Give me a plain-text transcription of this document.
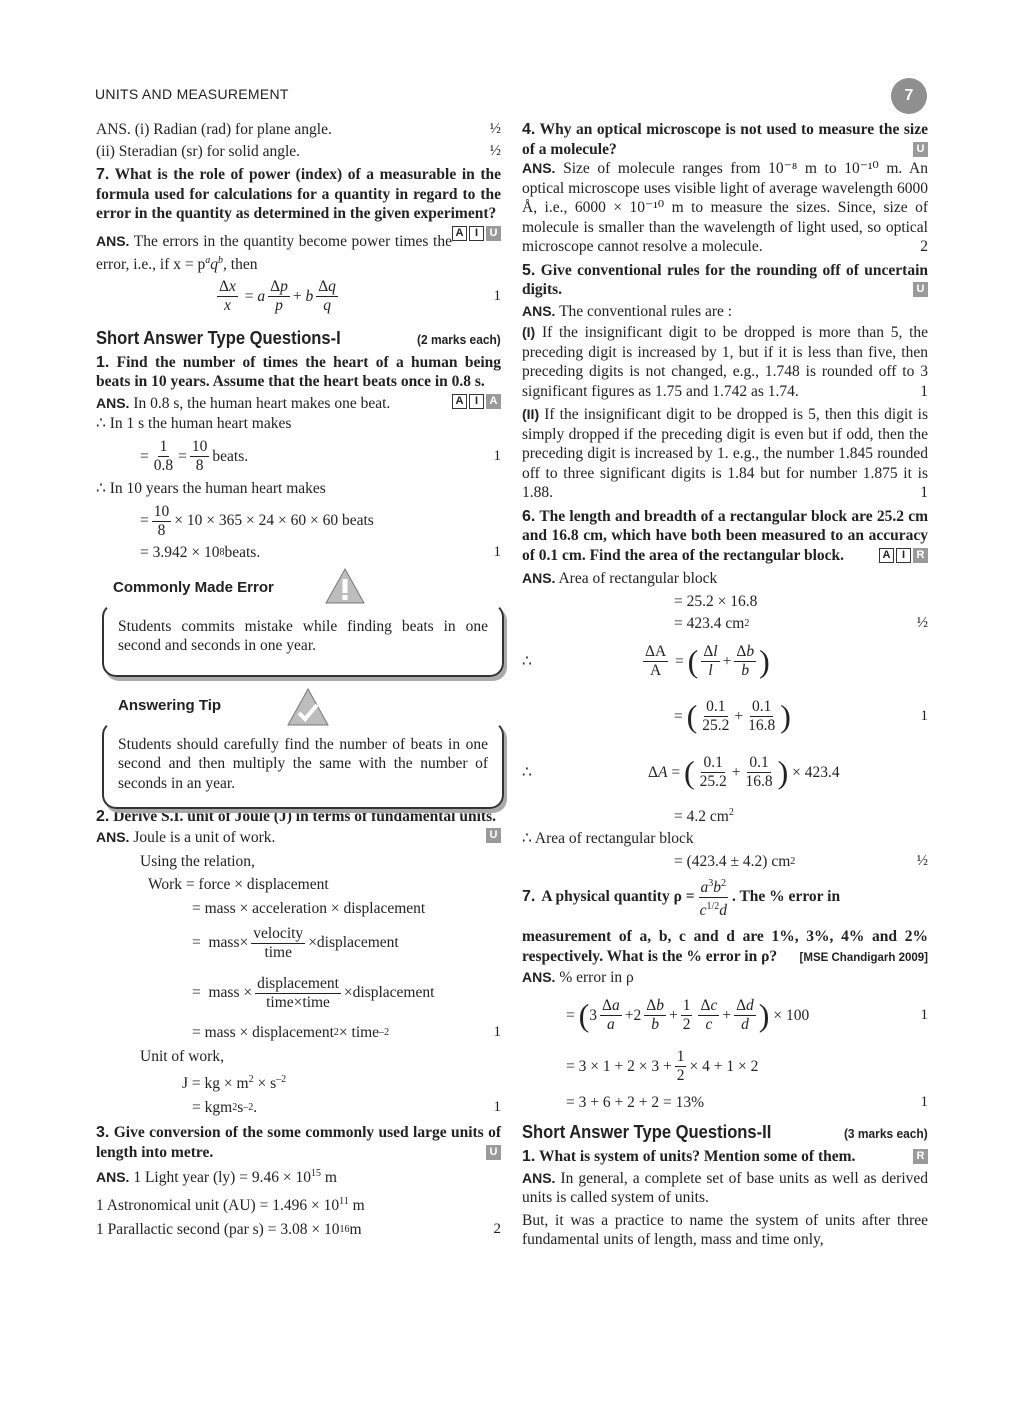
UNITS AND MEASUREMENT	7
ANS. (i) Radian (rad) for plane angle.	½
(ii) Steradian (sr) for solid angle.	½
7. What is the role of power (index) of a measurable in the formula used for calculations for a quantity in regard to the error in the quantity as determined in the given experiment?
A	I	U
ANS. The errors in the quantity become power times the error, i.e., if $x = p^aq^b$, then
$\frac{\Delta x}{x} = a \frac{\Delta p}{p} + b \frac{\Delta q}{q}$	1
Short Answer Type Questions-I	(2 marks each)
1. Find the number of times the heart of a human being beats in 10 years. Assume that the heart beats once in 0.8 s.
A	I	A
ANS. In 0.8 s, the human heart makes one beat.
∴ In 1 s the human heart makes
= $\frac{1}{0.8} = \frac{10}{8}$ beats.	1
∴ In 10 years the human heart makes
= $\frac{10}{8} \times 10 \times 365 \times 24 \times 60 \times 60$ beats
= 3.942 × 10 8 beats.	1
Commonly Made Error
Students commits mistake while finding beats in one second and seconds in one year.
Answering Tip
Students should carefully find the number of beats in one second and then multiply the same with the number of seconds in an year.
2. Derive S.I. unit of Joule (J) in terms of fundamental units.
U
ANS. Joule is a unit of work.
Using the relation,
Work = force × displacement
= mass × acceleration × displacement
= mass× $\frac{\text{velocity}}{\text{time}}$ ×displacement
= mass × $\frac{\text{displacement}}{\text{time×time}}$ ×displacement
= mass × displacement 2 × time –2	1
Unit of work,
J = kg × $m^2 \times s^{-2}$
= kgm 2 s –2 .	1
3. Give conversion of the some commonly used large units of length into metre.	U
ANS. 1 Light year $(ly) = 9.46 \times 10^{15}$ m
1 Astronomical unit $(AU) = 1.496 \times 10^{11}$ m
1 Parallactic second (par s) = 3.08 × 10 16 m	2
4. Why an optical microscope is not used to measure the size of a molecule?	U
ANS. Size of molecule ranges from 10⁻⁸ m to 10⁻¹⁰ m. An optical microscope uses visible light of average wavelength 6000 Å, i.e., 6000 × 10⁻¹⁰ m to measure the sizes. Since, size of molecule is smaller than the wavelength of light used, so optical microscope cannot resolve a molecule.	2
5. Give conventional rules for the rounding off of uncertain digits.	U
ANS. The conventional rules are :
(I) If the insignificant digit to be dropped is more than 5, the preceding digit is increased by 1, but if it is less than five, then preceding digits is not changed, e.g., 1.748 is rounded off to 3 significant figures as 1.75 and 1.742 as 1.74.	1
(II) If the insignificant digit to be dropped is 5, then this digit is simply dropped if the preceding digit is even but if odd, then the preceding digit is increased by 1. e.g., the number 1.845 rounded off to three significant digits is 1.84 but for number 1.875 it is 1.88.	1
6. The length and breadth of a rectangular block are 25.2 cm and 16.8 cm, which have both been measured to an accuracy of 0.1 cm. Find the area of the rectangular block.	A	I	R
ANS. Area of rectangular block
= 25.2 × 16.8
= 423.4 cm 2	½
∴	$\frac{\Delta A}{A}$ = ( $\frac{\Delta l}{l} + \frac{\Delta b}{b}$ )
= ( $\frac{0.1}{25.2} + \frac{0.1}{16.8}$ )	1
∴	ΔA = ( $\frac{0.1}{25.2} + \frac{0.1}{16.8}$ ) × 423.4
= 4.2 $cm^2$
∴ Area of rectangular block
= (423.4 ± 4.2) cm 2	½
7. A physical quantity $\rho = \frac{a^3b^2}{c^{1/2}d}$ . The % error in
measurement of a, b, c and d are 1%, 3%, 4% and 2% respectively. What is the % error in ρ? [MSE Chandigarh 2009]
ANS. % error in ρ
= ( $3 \frac{\Delta a}{a} +2 \frac{\Delta b}{b} + \frac{1}{2} \frac{\Delta c}{c} + \frac{\Delta d}{d}$ ) × 100	1
= $3 \times 1 + 2 \times 3 + \frac{1}{2} \times 4 + 1 \times 2$
= 3 + 6 + 2 + 2 = 13%	1
Short Answer Type Questions-II	(3 marks each)
1. What is system of units? Mention some of them.	R
ANS. In general, a complete set of base units as well as derived units is called system of units.
But, it was a practice to name the system of units after three fundamental units of length, mass and time only,
